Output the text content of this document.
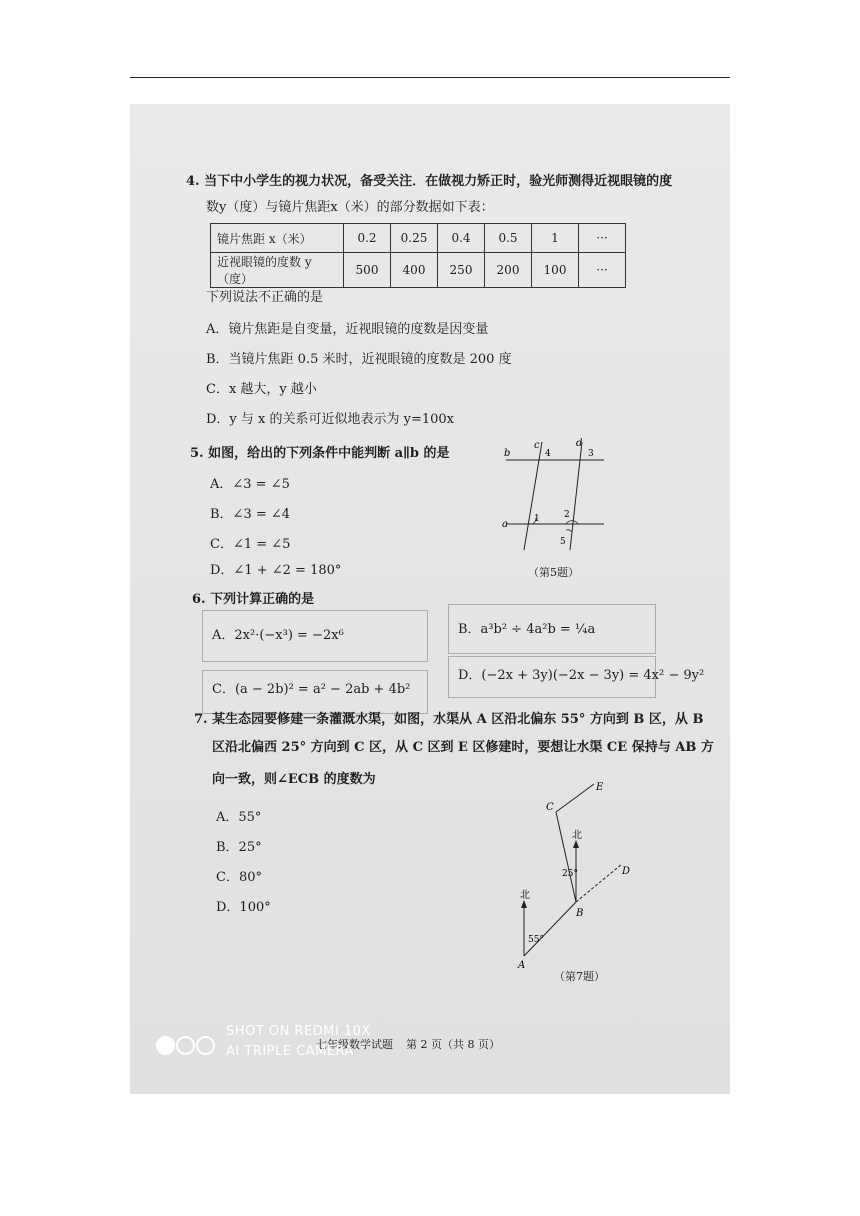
4. 当下中小学生的视力状况，备受关注．在做视力矫正时，验光师测得近视眼镜的度
数y（度）与镜片焦距x（米）的部分数据如下表：
镜片焦距 x（米）	0.2	0.25	0.4	0.5	1	···
近视眼镜的度数 y（度）	500	400	250	200	100	···
下列说法不正确的是
A．镜片焦距是自变量，近视眼镜的度数是因变量
B．当镜片焦距 0.5 米时，近视眼镜的度数是 200 度
C．x 越大，y 越小
D．y 与 x 的关系可近似地表示为 y=100x
5. 如图，给出的下列条件中能判断 a∥b 的是
A．∠3 = ∠5
B．∠3 = ∠4
C．∠1 = ∠5
D．∠1 + ∠2 = 180°
b
c	d
a
4	3
1	2
5
（第5题）
6. 下列计算正确的是
A．2x²·(−x³) = −2x⁶	B．a³b² ÷ 4a²b = ¼a
C．(a − 2b)² = a² − 2ab + 4b²
D．(−2x + 3y)(−2x − 3y) = 4x² − 9y²
7. 某生态园要修建一条灌溉水渠，如图，水渠从 A 区沿北偏东 55° 方向到 B 区，从 B
区沿北偏西 25° 方向到 C 区，从 C 区到 E 区修建时，要想让水渠 CE 保持与 AB 方
向一致，则∠ECB 的度数为
A．55°
B．25°
C．80°
D．100°
北
北
55°
25°
A
B
C
D
E
（第7题）
七年级数学试题 第 2 页（共 8 页）
SHOT ON REDMI 10X
AI TRIPLE CAMERA
